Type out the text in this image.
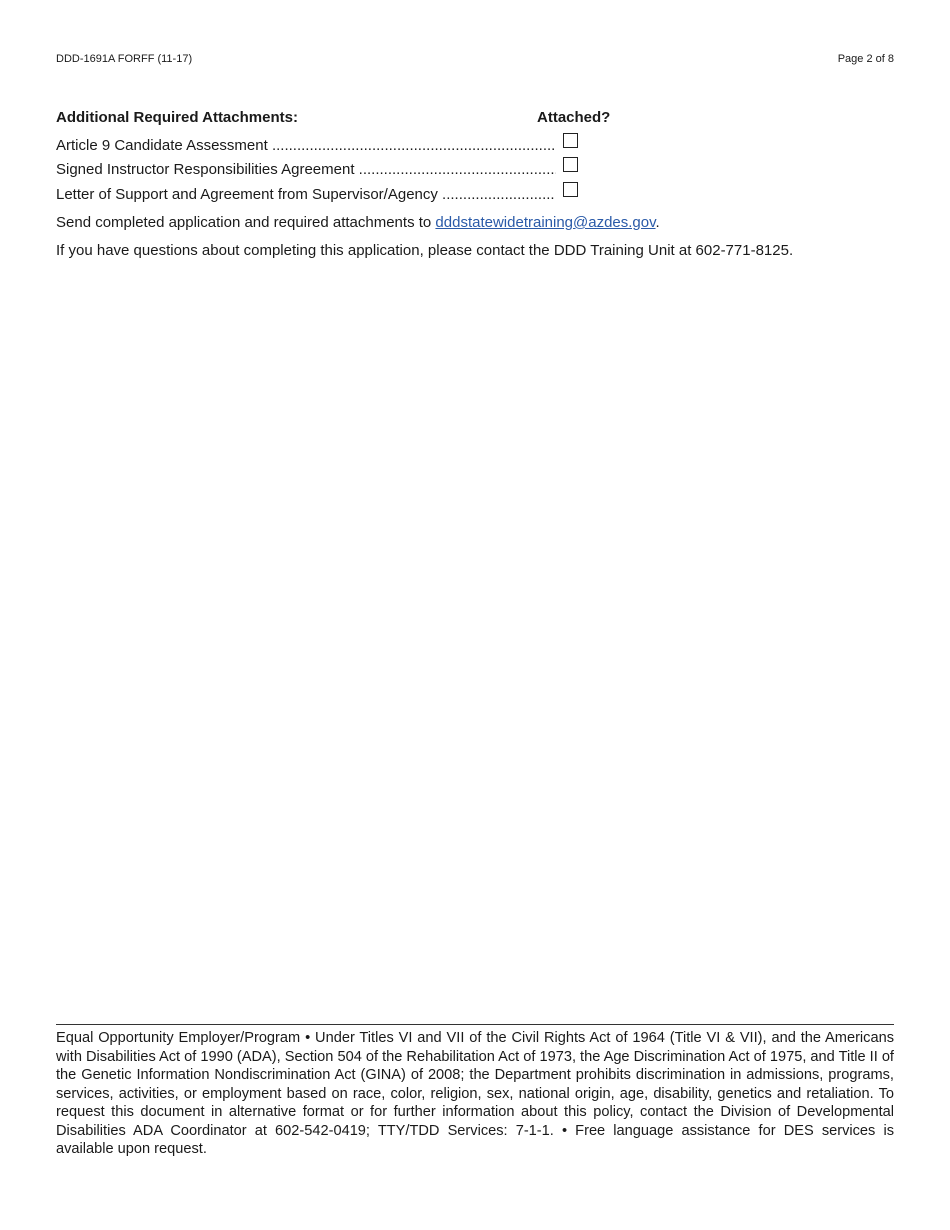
DDD-1691A FORFF (11-17)	Page 2 of 8
Additional Required Attachments:	Attached?
Article 9 Candidate Assessment .....
Signed Instructor Responsibilities Agreement .....
Letter of Support and Agreement from Supervisor/Agency .....
Send completed application and required attachments to dddstatewidetraining@azdes.gov.
If you have questions about completing this application, please contact the DDD Training Unit at 602-771-8125.
Equal Opportunity Employer/Program • Under Titles VI and VII of the Civil Rights Act of 1964 (Title VI & VII), and the Americans with Disabilities Act of 1990 (ADA), Section 504 of the Rehabilitation Act of 1973, the Age Discrimination Act of 1975, and Title II of the Genetic Information Nondiscrimination Act (GINA) of 2008; the Department prohibits discrimination in admissions, programs, services, activities, or employment based on race, color, religion, sex, national origin, age, disability, genetics and retaliation. To request this document in alternative format or for further information about this policy, contact the Division of Developmental Disabilities ADA Coordinator at 602-542-0419; TTY/TDD Services: 7-1-1. • Free language assistance for DES services is available upon request.
